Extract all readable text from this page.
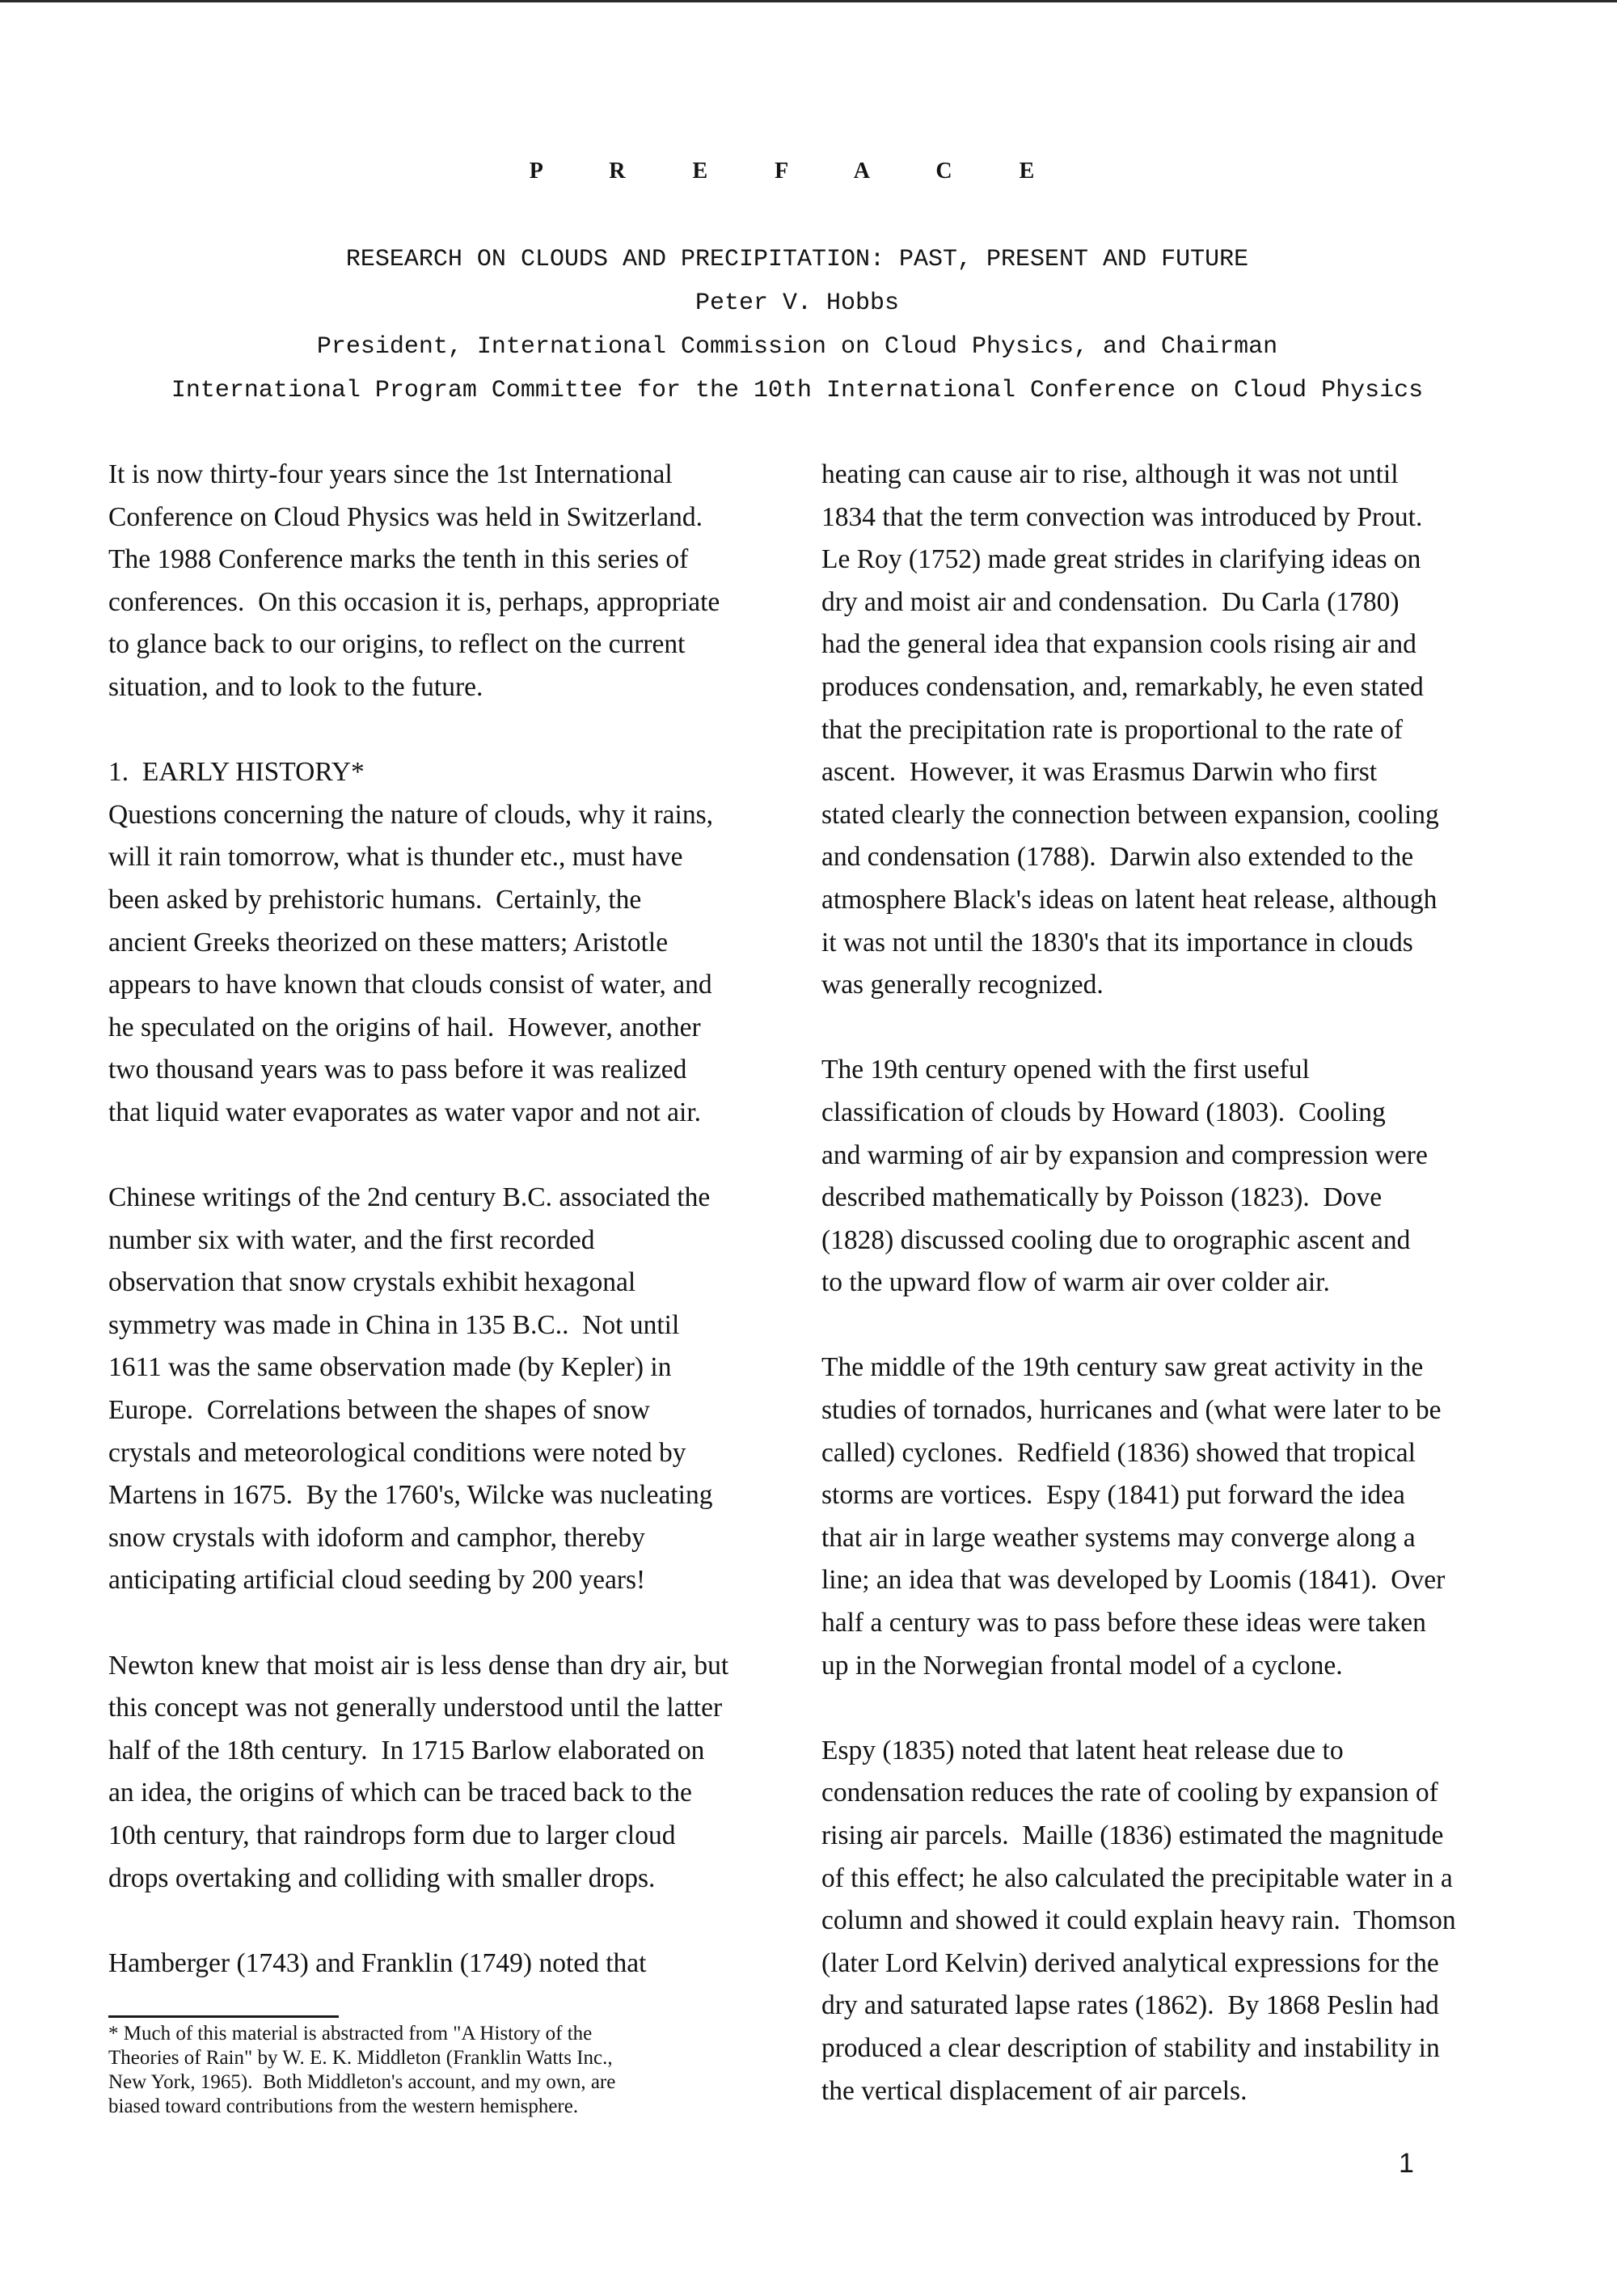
P R E F A C E
RESEARCH ON CLOUDS AND PRECIPITATION: PAST, PRESENT AND FUTURE
Peter V. Hobbs
President, International Commission on Cloud Physics, and Chairman
International Program Committee for the 10th International Conference on Cloud Physics

It is now thirty-four years since the 1st International

Conference on Cloud Physics was held in Switzerland.

The 1988 Conference marks the tenth in this series of

conferences.  On this occasion it is, perhaps, appropriate

to glance back to our origins, to reflect on the current

situation, and to look to the future.

1.  EARLY HISTORY*

Questions concerning the nature of clouds, why it rains,

will it rain tomorrow, what is thunder etc., must have

been asked by prehistoric humans.  Certainly, the

ancient Greeks theorized on these matters; Aristotle

appears to have known that clouds consist of water, and

he speculated on the origins of hail.  However, another

two thousand years was to pass before it was realized

that liquid water evaporates as water vapor and not air.

Chinese writings of the 2nd century B.C. associated the

number six with water, and the first recorded

observation that snow crystals exhibit hexagonal

symmetry was made in China in 135 B.C..  Not until

1611 was the same observation made (by Kepler) in

Europe.  Correlations between the shapes of snow

crystals and meteorological conditions were noted by

Martens in 1675.  By the 1760's, Wilcke was nucleating

snow crystals with idoform and camphor, thereby

anticipating artificial cloud seeding by 200 years!

Newton knew that moist air is less dense than dry air, but

this concept was not generally understood until the latter

half of the 18th century.  In 1715 Barlow elaborated on

an idea, the origins of which can be traced back to the

10th century, that raindrops form due to larger cloud

drops overtaking and colliding with smaller drops.

Hamberger (1743) and Franklin (1749) noted that

heating can cause air to rise, although it was not until

1834 that the term convection was introduced by Prout.

Le Roy (1752) made great strides in clarifying ideas on

dry and moist air and condensation.  Du Carla (1780)

had the general idea that expansion cools rising air and

produces condensation, and, remarkably, he even stated

that the precipitation rate is proportional to the rate of

ascent.  However, it was Erasmus Darwin who first

stated clearly the connection between expansion, cooling

and condensation (1788).  Darwin also extended to the

atmosphere Black's ideas on latent heat release, although

it was not until the 1830's that its importance in clouds

was generally recognized.

The 19th century opened with the first useful

classification of clouds by Howard (1803).  Cooling

and warming of air by expansion and compression were

described mathematically by Poisson (1823).  Dove

(1828) discussed cooling due to orographic ascent and

to the upward flow of warm air over colder air.

The middle of the 19th century saw great activity in the

studies of tornados, hurricanes and (what were later to be

called) cyclones.  Redfield (1836) showed that tropical

storms are vortices.  Espy (1841) put forward the idea

that air in large weather systems may converge along a

line; an idea that was developed by Loomis (1841).  Over

half a century was to pass before these ideas were taken

up in the Norwegian frontal model of a cyclone.

Espy (1835) noted that latent heat release due to

condensation reduces the rate of cooling by expansion of

rising air parcels.  Maille (1836) estimated the magnitude

of this effect; he also calculated the precipitable water in a

column and showed it could explain heavy rain.  Thomson

(later Lord Kelvin) derived analytical expressions for the

dry and saturated lapse rates (1862).  By 1868 Peslin had

produced a clear description of stability and instability in

the vertical displacement of air parcels.

* Much of this material is abstracted from "A History of the

Theories of Rain" by W. E. K. Middleton (Franklin Watts Inc.,

New York, 1965).  Both Middleton's account, and my own, are

biased toward contributions from the western hemisphere.

1
